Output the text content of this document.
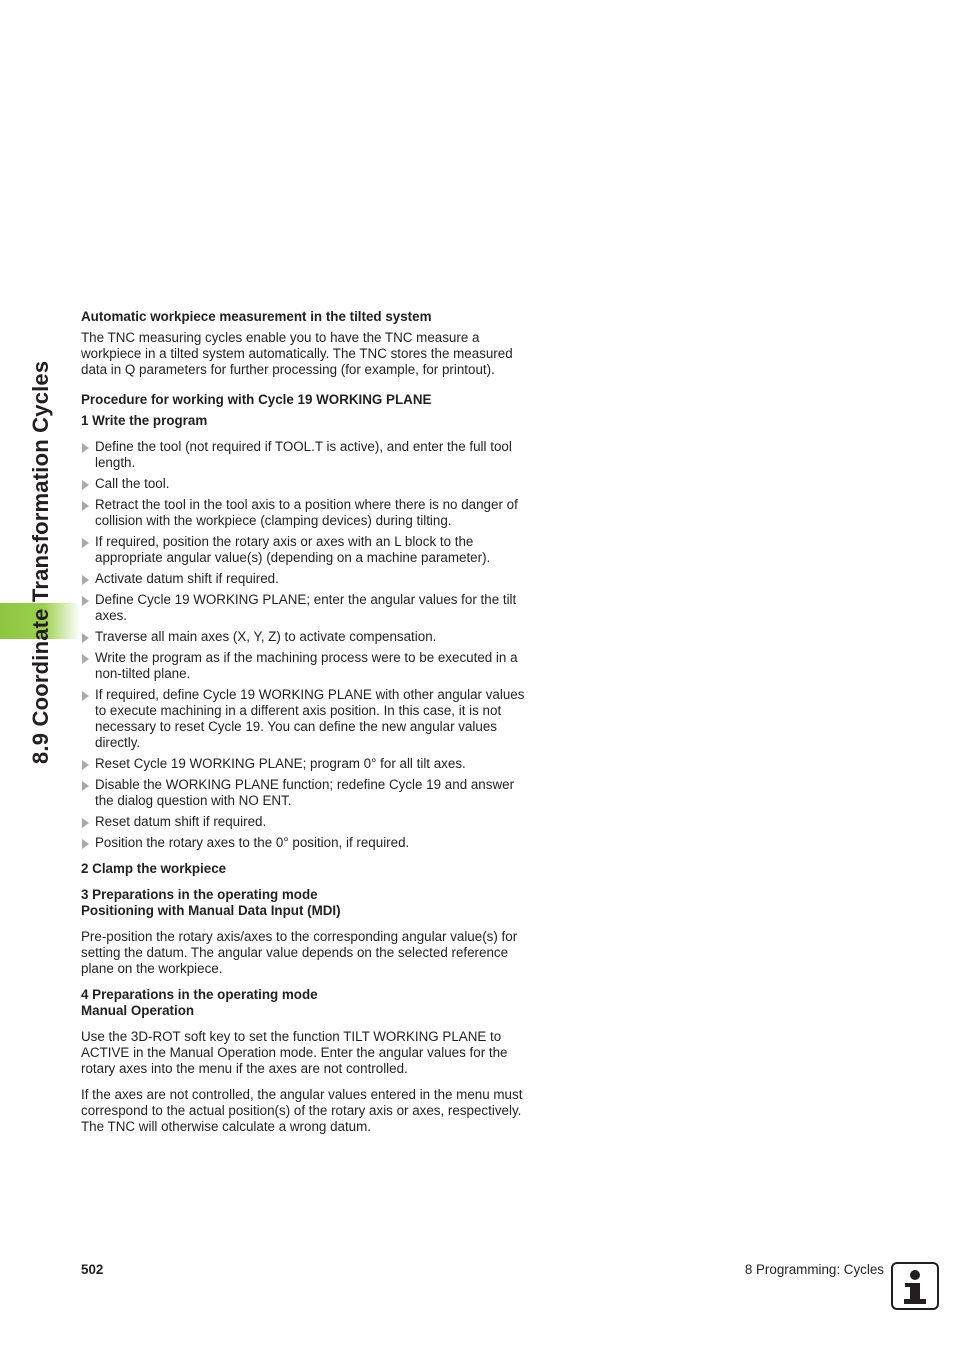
8.9 Coordinate Transformation Cycles

Automatic workpiece measurement in the tilted system

The TNC measuring cycles enable you to have the TNC measure a workpiece in a tilted system automatically. The TNC stores the measured data in Q parameters for further processing (for example, for printout).

Procedure for working with Cycle 19 WORKING PLANE

1 Write the program

Define the tool (not required if TOOL.T is active), and enter the full tool length.
Call the tool.
Retract the tool in the tool axis to a position where there is no danger of collision with the workpiece (clamping devices) during tilting.
If required, position the rotary axis or axes with an L block to the appropriate angular value(s) (depending on a machine parameter).
Activate datum shift if required.
Define Cycle 19 WORKING PLANE; enter the angular values for the tilt axes.
Traverse all main axes (X, Y, Z) to activate compensation.
Write the program as if the machining process were to be executed in a non-tilted plane.
If required, define Cycle 19 WORKING PLANE with other angular values to execute machining in a different axis position. In this case, it is not necessary to reset Cycle 19. You can define the new angular values directly.
Reset Cycle 19 WORKING PLANE; program 0° for all tilt axes.
Disable the WORKING PLANE function; redefine Cycle 19 and answer the dialog question with NO ENT.
Reset datum shift if required.
Position the rotary axes to the 0° position, if required.

2 Clamp the workpiece

3 Preparations in the operating mode

Positioning with Manual Data Input (MDI)

Pre-position the rotary axis/axes to the corresponding angular value(s) for setting the datum. The angular value depends on the selected reference plane on the workpiece.

4 Preparations in the operating mode

Manual Operation

Use the 3D-ROT soft key to set the function TILT WORKING PLANE to ACTIVE in the Manual Operation mode. Enter the angular values for the rotary axes into the menu if the axes are not controlled.

If the axes are not controlled, the angular values entered in the menu must correspond to the actual position(s) of the rotary axis or axes, respectively. The TNC will otherwise calculate a wrong datum.

502	8 Programming: Cycles
